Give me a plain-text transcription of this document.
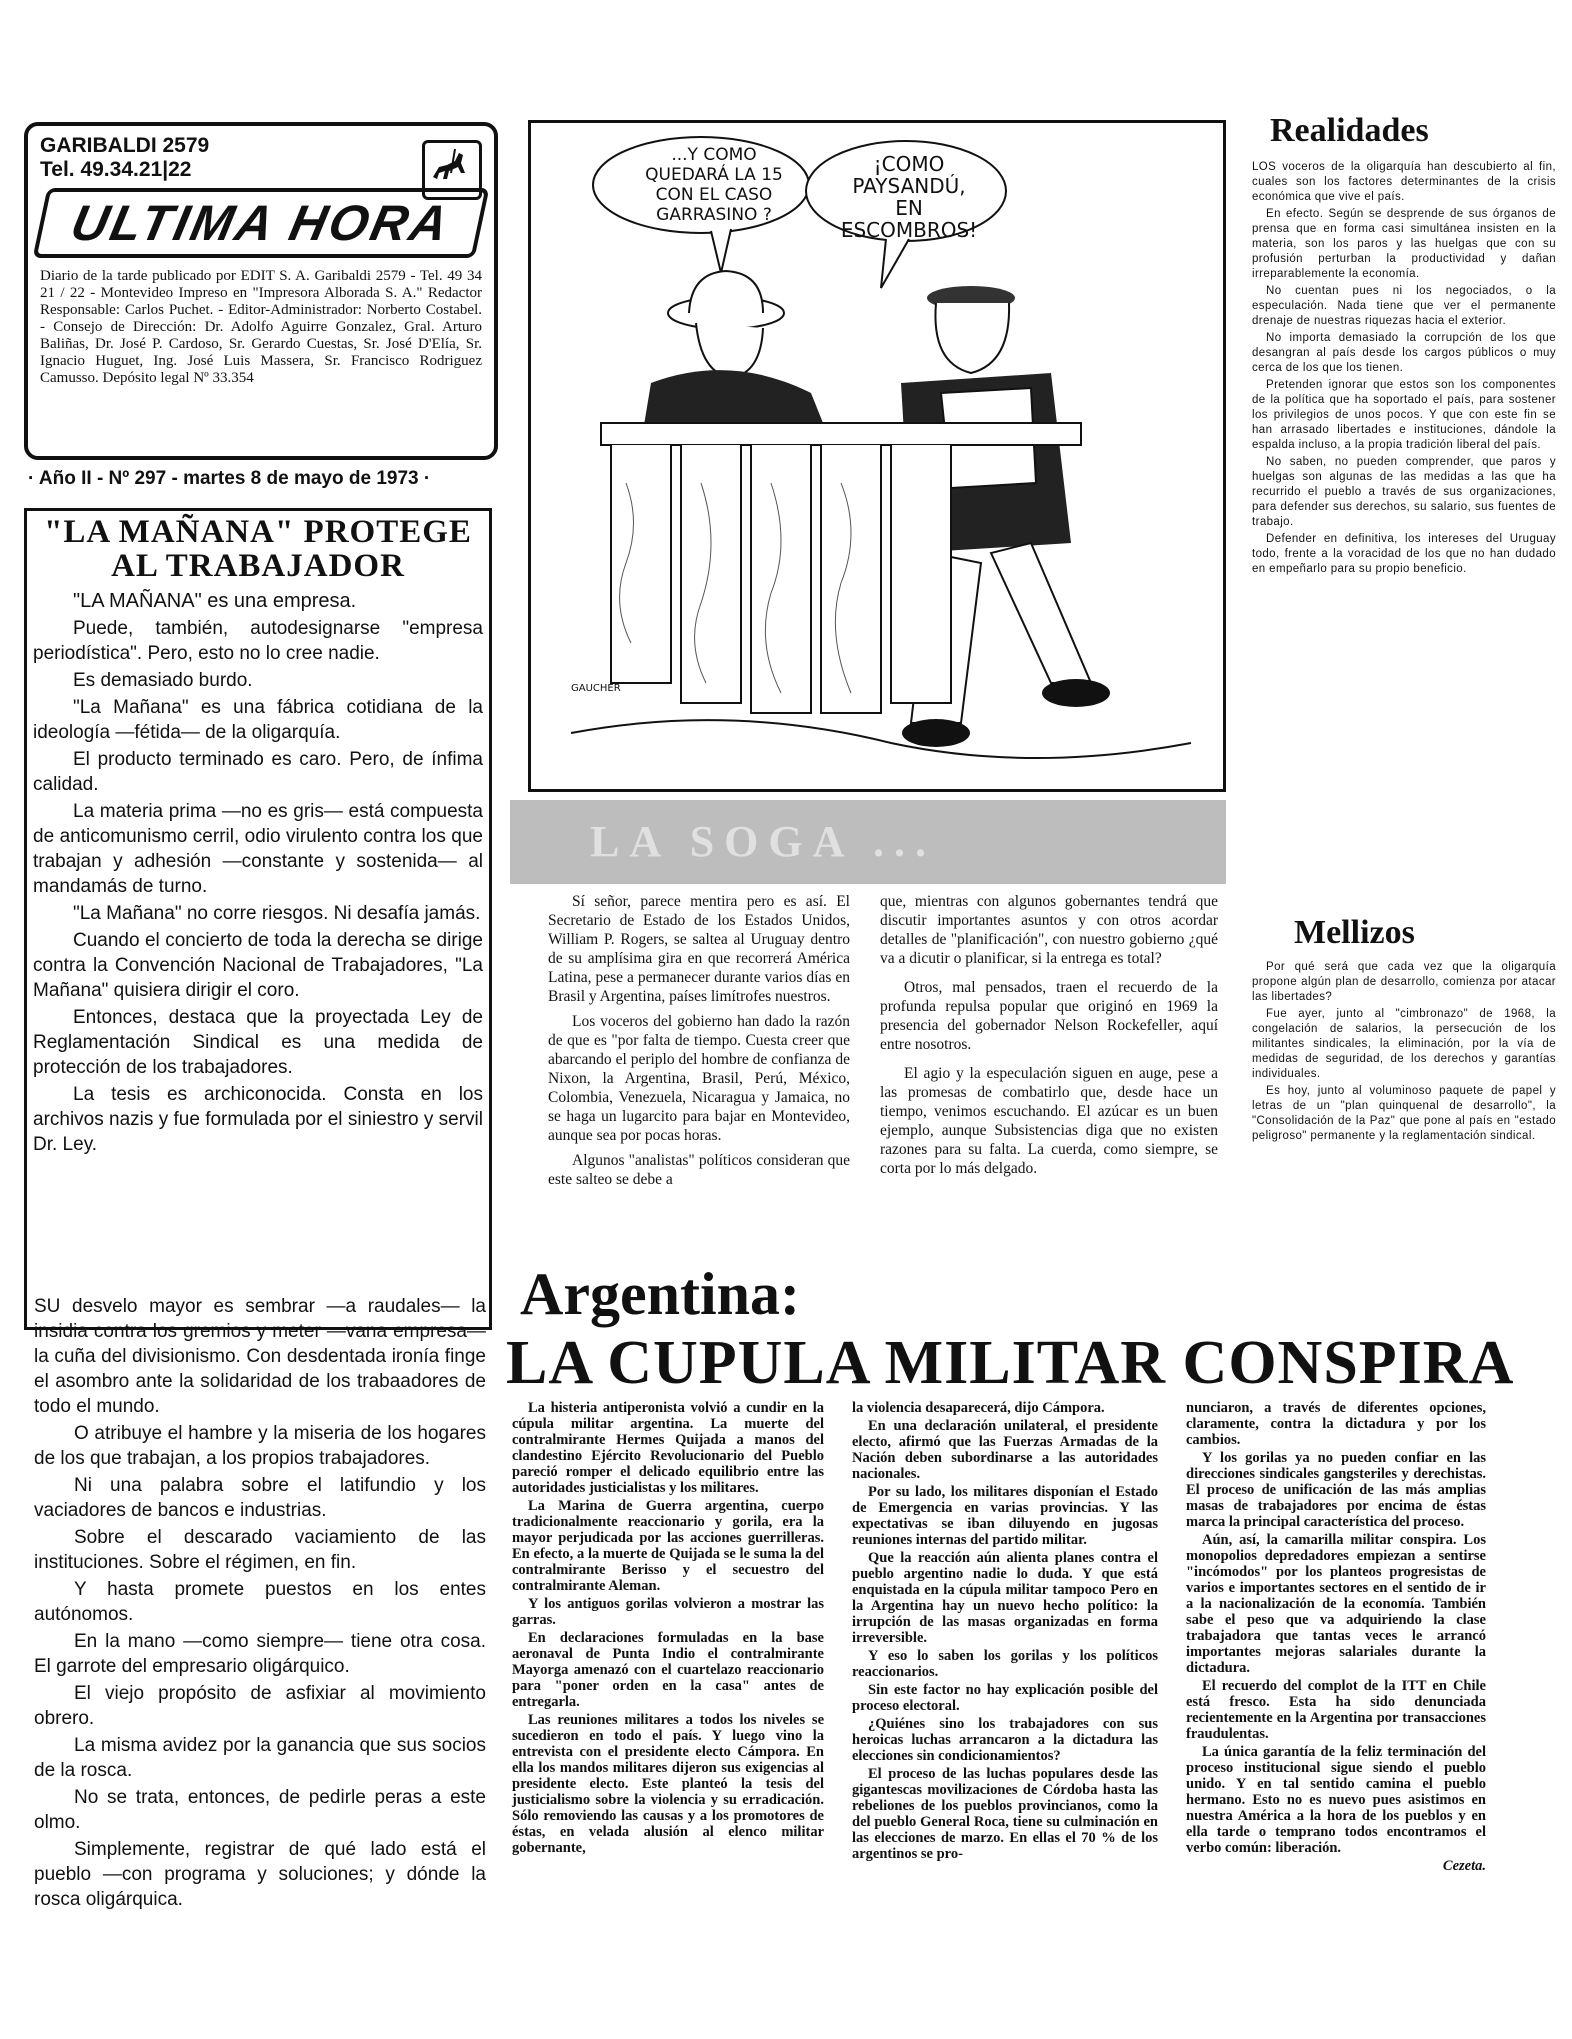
GARIBALDI 2579
Tel. 49.34.21|22
ULTIMA HORA
Diario de la tarde publicado por EDIT S. A. Garibaldi 2579 - Tel. 49 34 21 / 22 - Montevideo Impreso en "Impresora Alborada S. A." Redactor Responsable: Carlos Puchet. - Editor-Administrador: Norberto Costabel. - Consejo de Dirección: Dr. Adolfo Aguirre Gonzalez, Gral. Arturo Baliñas, Dr. José P. Cardoso, Sr. Gerardo Cuestas, Sr. José D'Elía, Sr. Ignacio Huguet, Ing. José Luis Massera, Sr. Francisco Rodriguez Camusso. Depósito legal Nº 33.354
· Año II - Nº 297 - martes 8 de mayo de 1973 ·
"LA MAÑANA" PROTEGE AL TRABAJADOR

"LA MAÑANA" es una empresa.

Puede, también, autodesignarse "empresa periodística". Pero, esto no lo cree nadie.

Es demasiado burdo.

"La Mañana" es una fábrica cotidiana de la ideología —fétida— de la oligarquía.

El producto terminado es caro. Pero, de ínfima calidad.

La materia prima —no es gris— está compuesta de anticomunismo cerril, odio virulento contra los que trabajan y adhesión —constante y sostenida— al mandamás de turno.

"La Mañana" no corre riesgos. Ni desafía jamás.

Cuando el concierto de toda la derecha se dirige contra la Convención Nacional de Trabajadores, "La Mañana" quisiera dirigir el coro.

Entonces, destaca que la proyectada Ley de Reglamentación Sindical es una medida de protección de los trabajadores.

La tesis es archiconocida. Consta en los archivos nazis y fue formulada por el siniestro y servil Dr. Ley.

SU desvelo mayor es sembrar —a raudales— la insidia contra los gremios y meter —vana empresa— la cuña del divisionismo. Con desdentada ironía finge el asombro ante la solidaridad de los trabaadores de todo el mundo.

O atribuye el hambre y la miseria de los hogares de los que trabajan, a los propios trabajadores.

Ni una palabra sobre el latifundio y los vaciadores de bancos e industrias.

Sobre el descarado vaciamiento de las instituciones. Sobre el régimen, en fin.

Y hasta promete puestos en los entes autónomos.

En la mano —como siempre— tiene otra cosa. El garrote del empresario oligárquico.

El viejo propósito de asfixiar al movimiento obrero.

La misma avidez por la ganancia que sus socios de la rosca.

No se trata, entonces, de pedirle peras a este olmo.

Simplemente, registrar de qué lado está el pueblo —con programa y soluciones; y dónde la rosca oligárquica.

...Y COMO QUEDARÁ LA 15 CON EL CASO GARRASINO ?
¡COMO PAYSANDÚ, EN ESCOMBROS!
GAUCHER
LA SOGA ...

Sí señor, parece mentira pero es así. El Secretario de Estado de los Estados Unidos, William P. Rogers, se saltea al Uruguay dentro de su amplísima gira en que recorrerá América Latina, pese a permanecer durante varios días en Brasil y Argentina, países limítrofes nuestros.

Los voceros del gobierno han dado la razón de que es "por falta de tiempo. Cuesta creer que abarcando el periplo del hombre de confianza de Nixon, la Argentina, Brasil, Perú, México, Colombia, Venezuela, Nicaragua y Jamaica, no se haga un lugarcito para bajar en Montevideo, aunque sea por pocas horas.

Algunos "analistas" políticos consideran que este salteo se debe a

que, mientras con algunos gobernantes tendrá que discutir importantes asuntos y con otros acordar detalles de "planificación", con nuestro gobierno ¿qué va a dicutir o planificar, si la entrega es total?

Otros, mal pensados, traen el recuerdo de la profunda repulsa popular que originó en 1969 la presencia del gobernador Nelson Rockefeller, aquí entre nosotros.

El agio y la especulación siguen en auge, pese a las promesas de combatirlo que, desde hace un tiempo, venimos escuchando. El azúcar es un buen ejemplo, aunque Subsistencias diga que no existen razones para su falta. La cuerda, como siempre, se corta por lo más delgado.

Realidades

LOS voceros de la oligarquía han descubierto al fin, cuales son los factores determinantes de la crisis económica que vive el país.

En efecto. Según se desprende de sus órganos de prensa que en forma casi simultánea insisten en la materia, son los paros y las huelgas que con su profusión perturban la productividad y dañan irreparablemente la economía.

No cuentan pues ni los negociados, o la especulación. Nada tiene que ver el permanente drenaje de nuestras riquezas hacia el exterior.

No importa demasiado la corrupción de los que desangran al país desde los cargos públicos o muy cerca de los que los tienen.

Pretenden ignorar que estos son los componentes de la política que ha soportado el país, para sostener los privilegios de unos pocos. Y que con este fin se han arrasado libertades e instituciones, dándole la espalda incluso, a la propia tradición liberal del país.

No saben, no pueden comprender, que paros y huelgas son algunas de las medidas a las que ha recurrido el pueblo a través de sus organizaciones, para defender sus derechos, su salario, sus fuentes de trabajo.

Defender en definitiva, los intereses del Uruguay todo, frente a la voracidad de los que no han dudado en empeñarlo para su propio beneficio.

Mellizos

Por qué será que cada vez que la oligarquía propone algún plan de desarrollo, comienza por atacar las libertades?

Fue ayer, junto al "cimbronazo" de 1968, la congelación de salarios, la persecución de los militantes sindicales, la eliminación, por la vía de medidas de seguridad, de los derechos y garantías individuales.

Es hoy, junto al voluminoso paquete de papel y letras de un "plan quinquenal de desarrollo", la "Consolidación de la Paz" que pone al país en "estado peligroso" permanente y la reglamentación sindical.

Argentina:
LA CUPULA MILITAR CONSPIRA

La histeria antiperonista volvió a cundir en la cúpula militar argentina. La muerte del contralmirante Hermes Quijada a manos del clandestino Ejército Revolucionario del Pueblo pareció romper el delicado equilibrio entre las autoridades justicialistas y los militares.

La Marina de Guerra argentina, cuerpo tradicionalmente reaccionario y gorila, era la mayor perjudicada por las acciones guerrilleras. En efecto, a la muerte de Quijada se le suma la del contralmirante Berisso y el secuestro del contralmirante Aleman.

Y los antiguos gorilas volvieron a mostrar las garras.

En declaraciones formuladas en la base aeronaval de Punta Indio el contralmirante Mayorga amenazó con el cuartelazo reaccionario para "poner orden en la casa" antes de entregarla.

Las reuniones militares a todos los niveles se sucedieron en todo el país. Y luego vino la entrevista con el presidente electo Cámpora. En ella los mandos militares dijeron sus exigencias al presidente electo. Este planteó la tesis del justicialismo sobre la violencia y su erradicación. Sólo removiendo las causas y a los promotores de éstas, en velada alusión al elenco militar gobernante,

la violencia desaparecerá, dijo Cámpora.

En una declaración unilateral, el presidente electo, afirmó que las Fuerzas Armadas de la Nación deben subordinarse a las autoridades nacionales.

Por su lado, los militares disponían el Estado de Emergencia en varias provincias. Y las expectativas se iban diluyendo en jugosas reuniones internas del partido militar.

Que la reacción aún alienta planes contra el pueblo argentino nadie lo duda. Y que está enquistada en la cúpula militar tampoco Pero en la Argentina hay un nuevo hecho político: la irrupción de las masas organizadas en forma irreversible.

Y eso lo saben los gorilas y los políticos reaccionarios.

Sin este factor no hay explicación posible del proceso electoral.

¿Quiénes sino los trabajadores con sus heroicas luchas arrancaron a la dictadura las elecciones sin condicionamientos?

El proceso de las luchas populares desde las gigantescas movilizaciones de Córdoba hasta las rebeliones de los pueblos provincianos, como la del pueblo General Roca, tiene su culminación en las elecciones de marzo. En ellas el 70 % de los argentinos se pro-

nunciaron, a través de diferentes opciones, claramente, contra la dictadura y por los cambios.

Y los gorilas ya no pueden confiar en las direcciones sindicales gangsteriles y derechistas. El proceso de unificación de las más amplias masas de trabajadores por encima de éstas marca la principal característica del proceso.

Aún, así, la camarilla militar conspira. Los monopolios depredadores empiezan a sentirse "incómodos" por los planteos progresistas de varios e importantes sectores en el sentido de ir a la nacionalización de la economía. También sabe el peso que va adquiriendo la clase trabajadora que tantas veces le arrancó importantes mejoras salariales durante la dictadura.

El recuerdo del complot de la ITT en Chile está fresco. Esta ha sido denunciada recientemente en la Argentina por transacciones fraudulentas.

La única garantía de la feliz terminación del proceso institucional sigue siendo el pueblo unido. Y en tal sentido camina el pueblo hermano. Esto no es nuevo pues asistimos en nuestra América a la hora de los pueblos y en ella tarde o temprano todos encontramos el verbo común: liberación.

Cezeta.
